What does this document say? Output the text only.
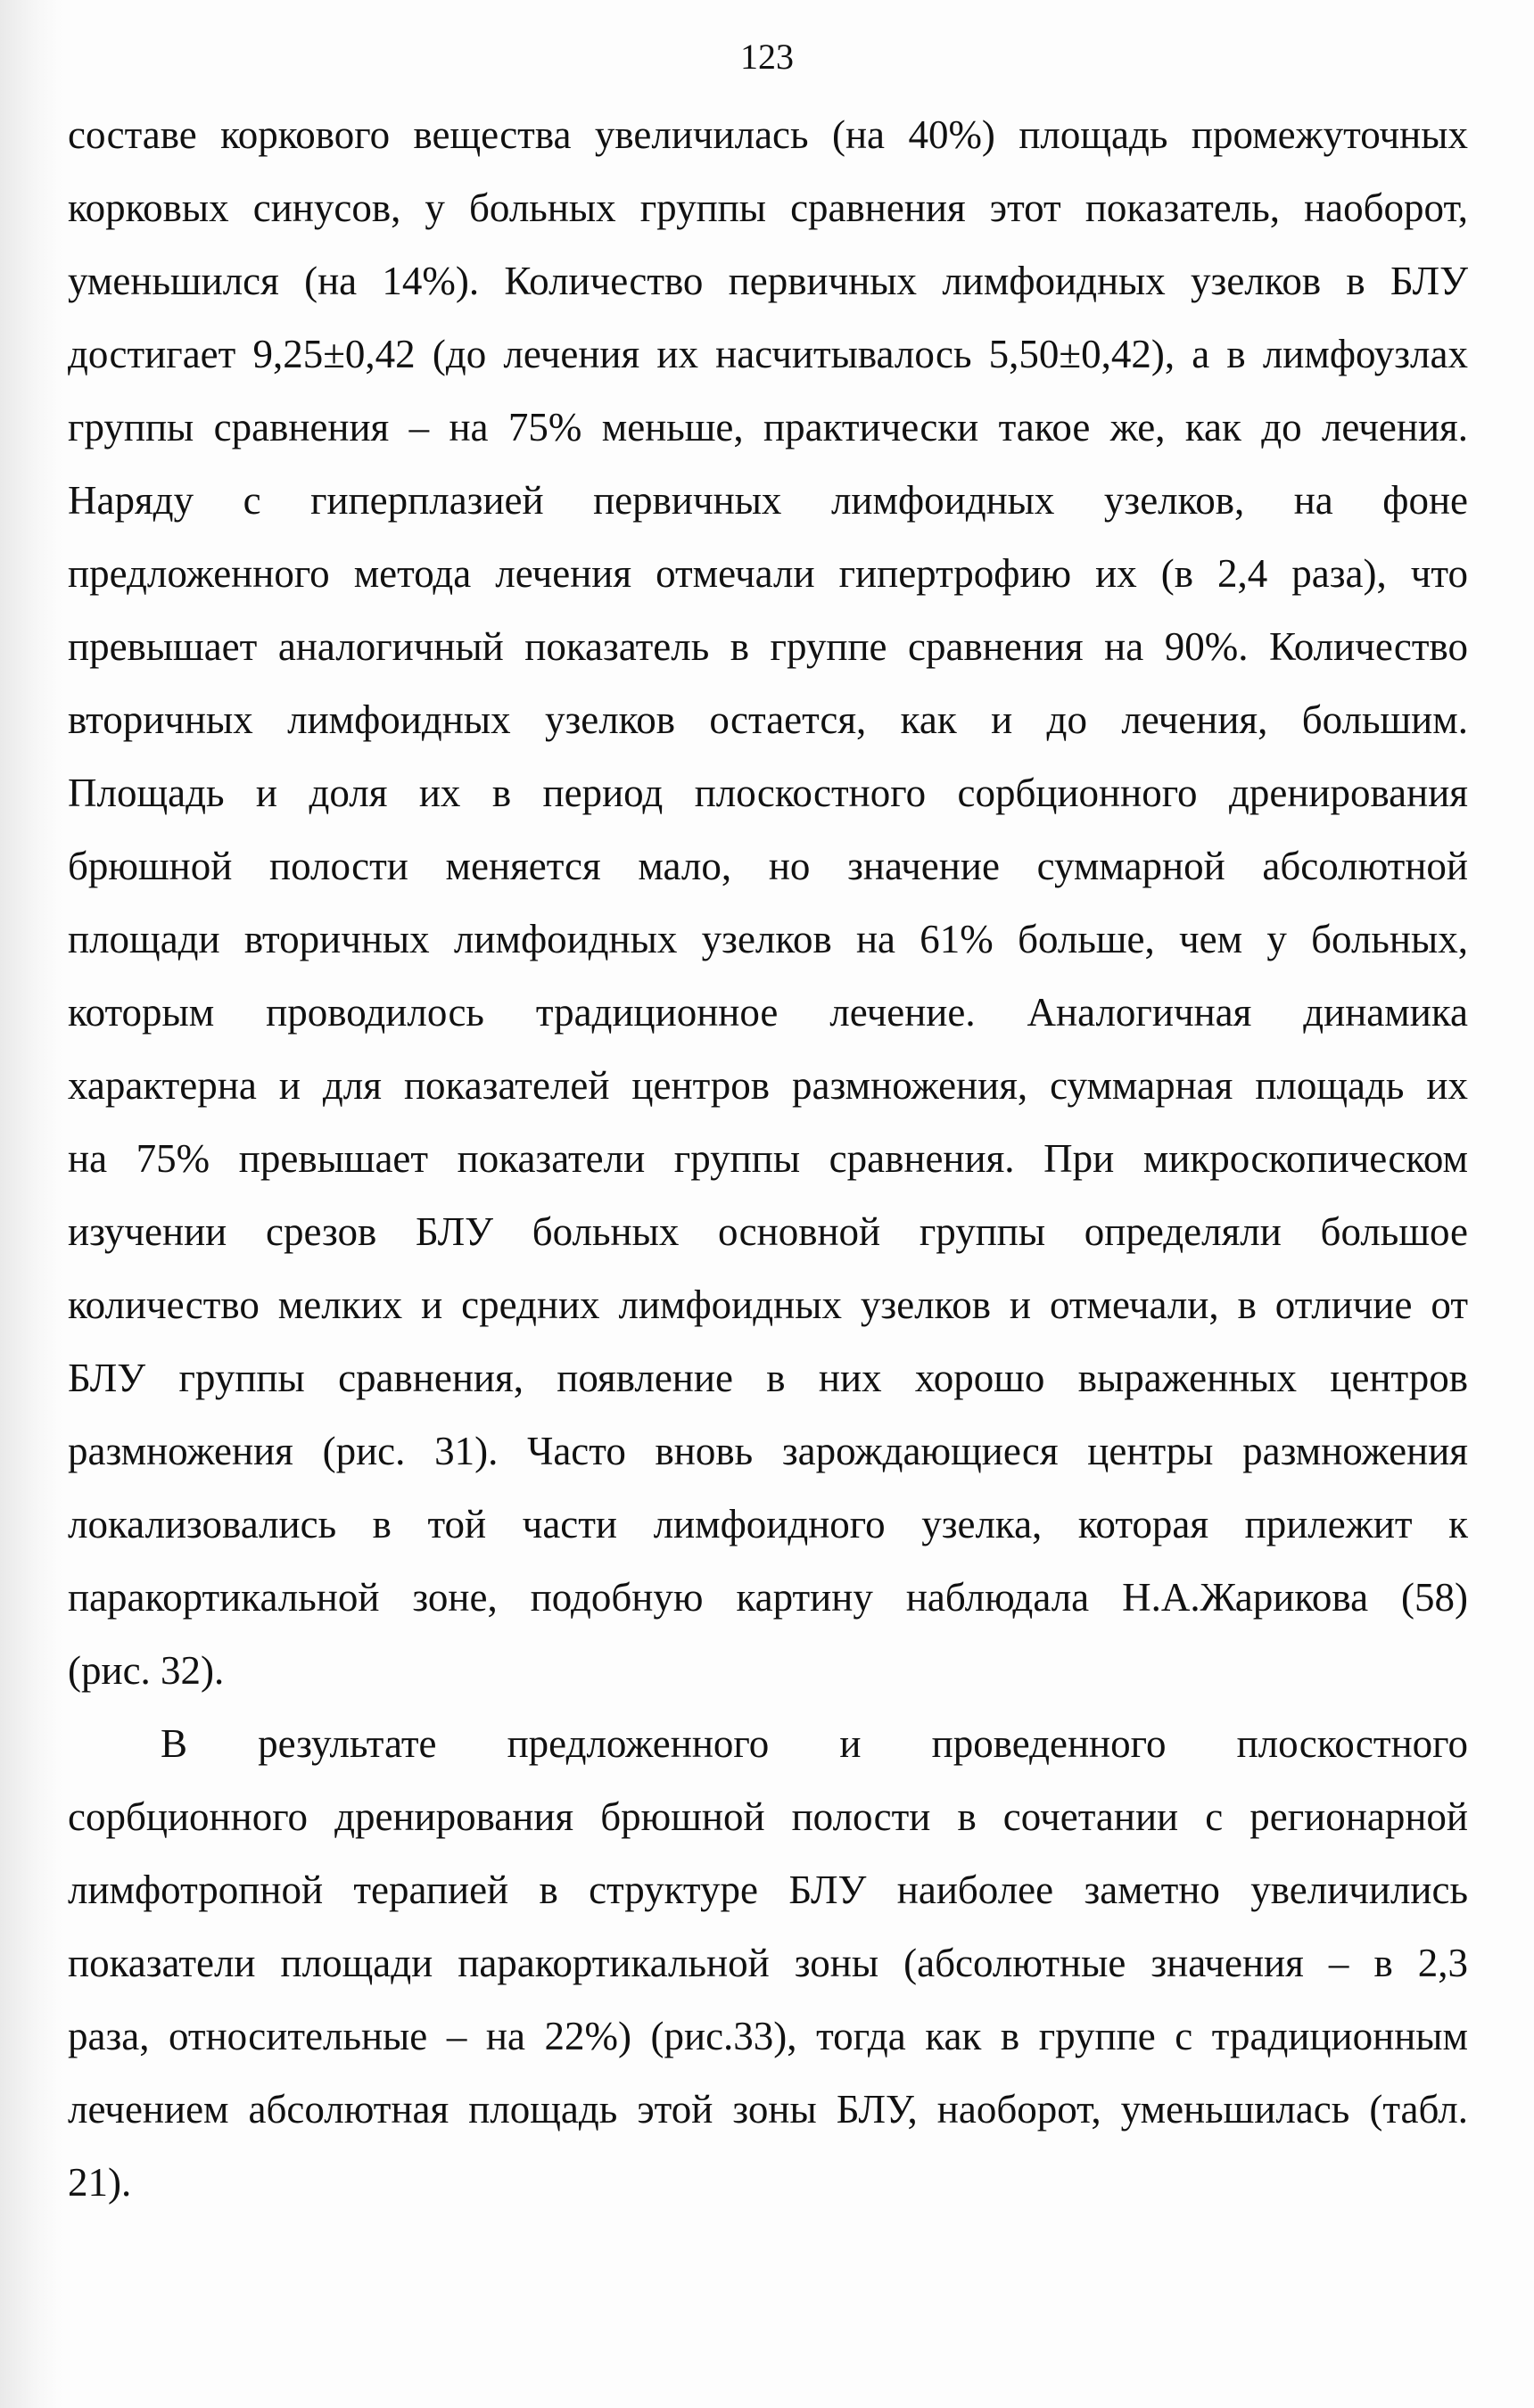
123
составе коркового вещества увеличилась (на 40%) площадь промежуточных
корковых синусов, у больных группы сравнения этот показатель, наоборот,
уменьшился (на 14%). Количество первичных лимфоидных узелков в БЛУ
достигает 9,25±0,42 (до лечения их насчитывалось 5,50±0,42), а в лимфоузлах
группы сравнения – на 75% меньше, практически такое же, как до лечения.
Наряду с гиперплазией первичных лимфоидных узелков, на фоне
предложенного метода лечения отмечали гипертрофию их (в 2,4 раза), что
превышает аналогичный показатель в группе сравнения на 90%. Количество
вторичных лимфоидных узелков остается, как и до лечения, большим.
Площадь и доля их в период плоскостного сорбционного дренирования
брюшной полости меняется мало, но значение суммарной абсолютной
площади вторичных лимфоидных узелков на 61% больше, чем у больных,
которым проводилось традиционное лечение. Аналогичная динамика
характерна и для показателей центров размножения, суммарная площадь их
на 75% превышает показатели группы сравнения. При микроскопическом
изучении срезов БЛУ больных основной группы определяли большое
количество мелких и средних лимфоидных узелков и отмечали, в отличие от
БЛУ группы сравнения, появление в них хорошо выраженных центров
размножения (рис. 31). Часто вновь зарождающиеся центры размножения
локализовались в той части лимфоидного узелка, которая прилежит к
паракортикальной зоне, подобную картину наблюдала Н.А.Жарикова (58)
(рис. 32).
В результате предложенного и проведенного плоскостного
сорбционного дренирования брюшной полости в сочетании с регионарной
лимфотропной терапией в структуре БЛУ наиболее заметно увеличились
показатели площади паракортикальной зоны (абсолютные значения – в 2,3
раза, относительные – на 22%) (рис.33), тогда как в группе с традиционным
лечением абсолютная площадь этой зоны БЛУ, наоборот, уменьшилась (табл.
21).
